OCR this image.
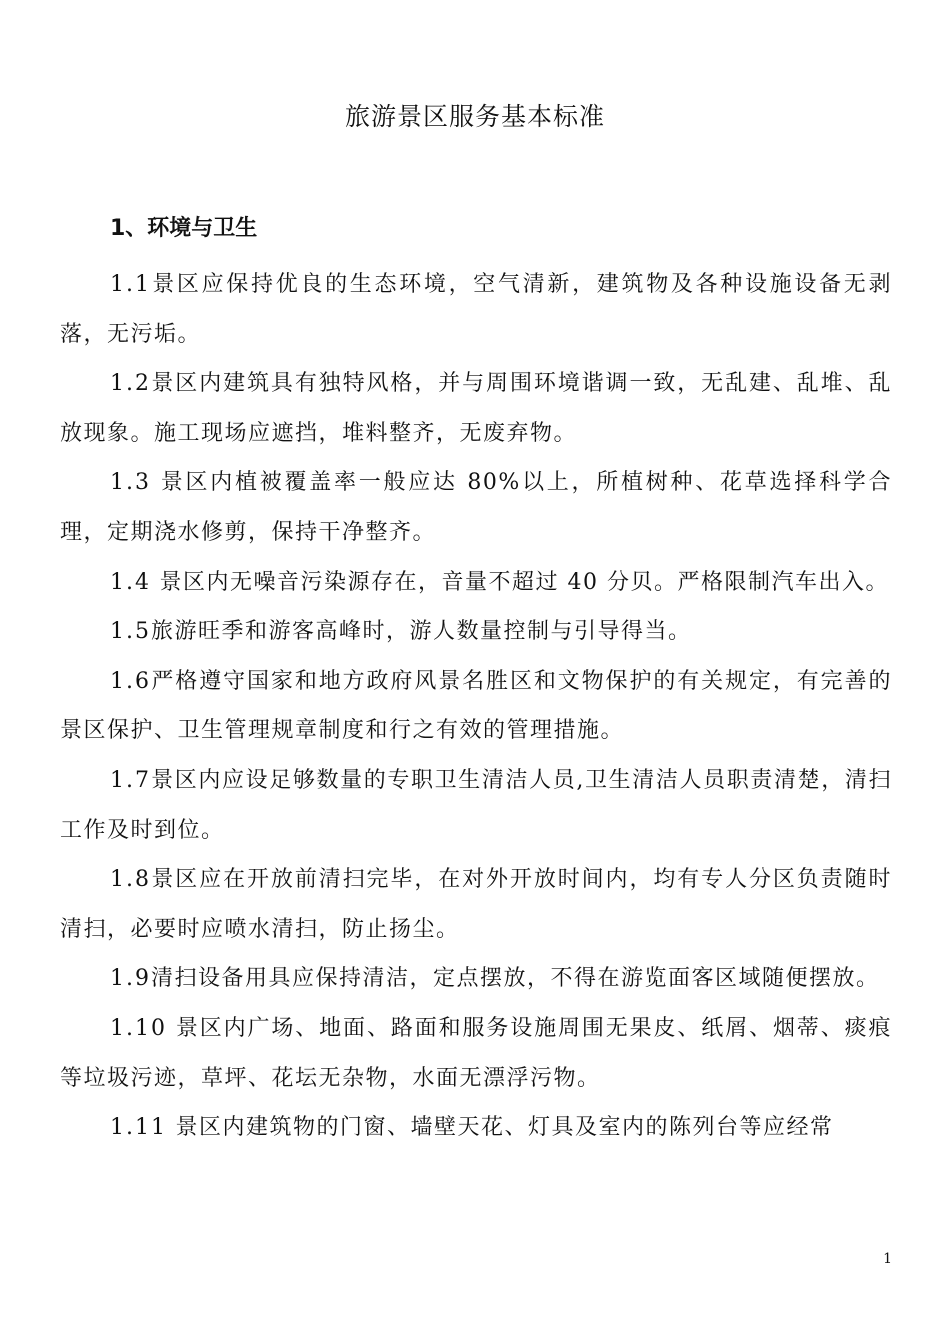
旅游景区服务基本标准
1、环境与卫生

1.1景区应保持优良的生态环境，空气清新，建筑物及各种设施设备无剥落，无污垢。

1.2景区内建筑具有独特风格，并与周围环境谐调一致，无乱建、乱堆、乱放现象。施工现场应遮挡，堆料整齐，无废弃物。

1.3 景区内植被覆盖率一般应达 80%以上，所植树种、花草选择科学合理，定期浇水修剪，保持干净整齐。

1.4 景区内无噪音污染源存在，音量不超过 40 分贝。严格限制汽车出入。

1.5旅游旺季和游客高峰时，游人数量控制与引导得当。

1.6严格遵守国家和地方政府风景名胜区和文物保护的有关规定，有完善的景区保护、卫生管理规章制度和行之有效的管理措施。

1.7景区内应设足够数量的专职卫生清洁人员,卫生清洁人员职责清楚，清扫工作及时到位。

1.8景区应在开放前清扫完毕，在对外开放时间内，均有专人分区负责随时清扫，必要时应喷水清扫，防止扬尘。

1.9清扫设备用具应保持清洁，定点摆放，不得在游览面客区域随便摆放。

1.10 景区内广场、地面、路面和服务设施周围无果皮、纸屑、烟蒂、痰痕等垃圾污迹，草坪、花坛无杂物，水面无漂浮污物。

1.11 景区内建筑物的门窗、墙壁天花、灯具及室内的陈列台等应经常

1
